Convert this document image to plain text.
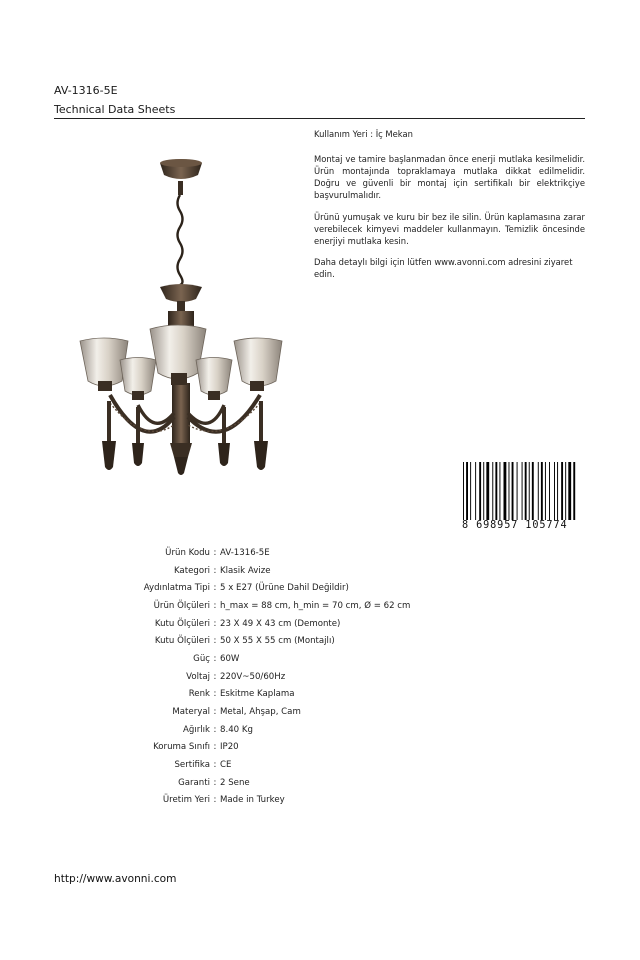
AV-1316-5E
Technical Data Sheets

Kullanım Yeri : İç Mekan

Montaj ve tamire başlanmadan önce enerji mutlaka kesilmelidir. Ürün montajında topraklamaya mutlaka dikkat edilmelidir. Doğru ve güvenli bir montaj için sertifikalı bir elektrikçiye başvurulmalıdır.

Ürünü yumuşak ve kuru bir bez ile silin. Ürün kaplamasına zarar verebilecek kimyevi maddeler kullanmayın. Temizlik öncesinde enerjiyi mutlaka kesin.

Daha detaylı bilgi için lütfen www.avonni.com adresini ziyaret edin.

8 698957 105774
Ürün Kodu : AV-1316-5E
Kategori : Klasik Avize
Aydınlatma Tipi : 5 x E27 (Ürüne Dahil Değildir)
Ürün Ölçüleri : h_max = 88 cm, h_min = 70 cm, Ø = 62 cm
Kutu Ölçüleri : 23 X 49 X 43 cm (Demonte)
Kutu Ölçüleri : 50 X 55 X 55 cm (Montajlı)
Güç : 60W
Voltaj : 220V~50/60Hz
Renk : Eskitme Kaplama
Materyal : Metal, Ahşap, Cam
Ağırlık : 8.40 Kg
Koruma Sınıfı : IP20
Sertifika : CE
Garanti : 2 Sene
Üretim Yeri : Made in Turkey
http://www.avonni.com
